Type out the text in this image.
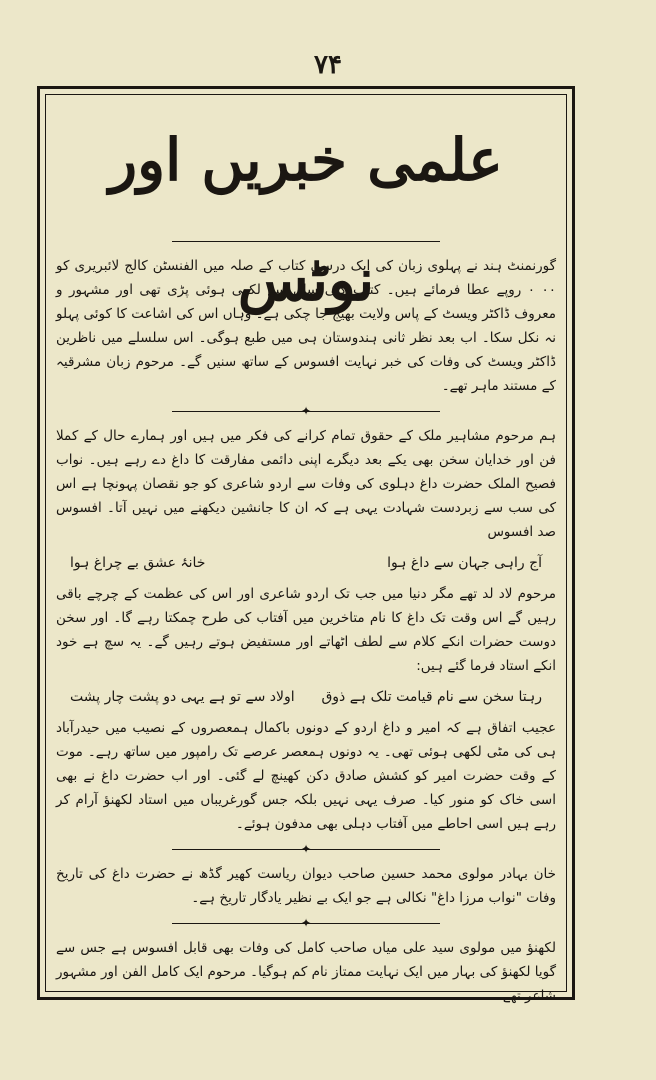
۷۴
علمی خبریں اور نوٹس

گورنمنٹ ہند نے پہلوی زبان کی ایک درسی کتاب کے صلہ میں الفنسٹن کالج لائبریری کو ۰۰ ۰ روپے عطا فرمائے ہیں۔ کتاب کئی سال سے لکھی ہوئی پڑی تھی اور مشہور و معروف ڈاکٹر ویسٹ کے پاس ولایت بھیج جا چکی ہے۔ وہاں اس کی اشاعت کا کوئی پہلو نہ نکل سکا۔ اب بعد نظر ثانی ہندوستان ہی میں طبع ہوگی۔ اس سلسلے میں ناظرین ڈاکٹر ویسٹ کی وفات کی خبر نہایت افسوس کے ساتھ سنیں گے۔ مرحوم زبان مشرقیہ کے مستند ماہر تھے۔

✦

ہم مرحوم مشاہیر ملک کے حقوق تمام کرانے کی فکر میں ہیں اور ہمارے حال کے کملا فن اور خدایان سخن بھی یکے بعد دیگرے اپنی دائمی مفارقت کا داغ دے رہے ہیں۔ نواب فصیح الملک حضرت داغ دہلوی کی وفات سے اردو شاعری کو جو نقصان پہونچا ہے اس کی سب سے زبردست شہادت یہی ہے کہ ان کا جانشین دیکھنے میں نہیں آتا۔ افسوس صد افسوس

آج راہی جہان سے داغ ہوا
خانۂ عشق بے چراغ ہوا

مرحوم لاد لد تھے مگر دنیا میں جب تک اردو شاعری اور اس کی عظمت کے چرچے باقی رہیں گے اس وقت تک داغ کا نام متاخرین میں آفتاب کی طرح چمکتا رہے گا۔ اور سخن دوست حضرات انکے کلام سے لطف اٹھاتے اور مستفیض ہوتے رہیں گے۔ یہ سچ ہے خود انکے استاد فرما گئے ہیں:

رہتا سخن سے نام قیامت تلک ہے ذوق
اولاد سے تو ہے یہی دو پشت چار پشت

عجیب اتفاق ہے کہ امیر و داغ اردو کے دونوں باکمال ہمعصروں کے نصیب میں حیدرآباد ہی کی مٹی لکھی ہوئی تھی۔ یہ دونوں ہمعصر عرصے تک رامپور میں ساتھ رہے۔ موت کے وقت حضرت امیر کو کشش صادق دکن کھینچ لے گئی۔ اور اب حضرت داغ نے بھی اسی خاک کو منور کیا۔ صرف یہی نہیں بلکہ جس گورغریباں میں استاد لکھنؤ آرام کر رہے ہیں اسی احاطے میں آفتاب دہلی بھی مدفون ہوئے۔

✦

خان بہادر مولوی محمد حسین صاحب دیوان ریاست کھیر گڈھ نے حضرت داغ کی تاریخ وفات "نواب مرزا داغ" نکالی ہے جو ایک بے نظیر یادگار تاریخ ہے۔

✦

لکھنؤ میں مولوی سید علی میاں صاحب کامل کی وفات بھی قابل افسوس ہے جس سے گویا لکھنؤ کی بہار میں ایک نہایت ممتاز نام کم ہوگیا۔ مرحوم ایک کامل الفن اور مشہور شاعر تھے۔
